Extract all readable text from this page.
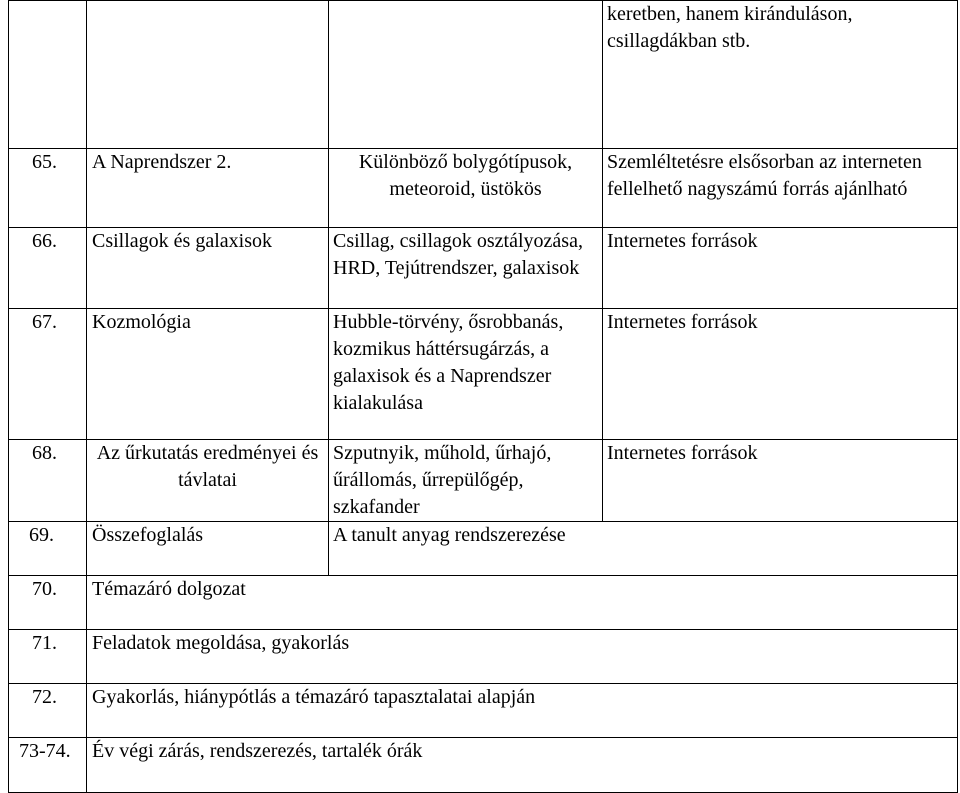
			keretben, hanem kiránduláson,
csillagdákban stb.

65.	A Naprendszer 2.	Különböző bolygótípusok, meteoroid, üstökös	Szemléltetésre elsősorban az interneten fellelhető nagyszámú forrás ajánlható
66.	Csillagok és galaxisok	Csillag, csillagok osztályozása, HRD, Tejútrendszer, galaxisok	Internetes források
67.	Kozmológia	Hubble-törvény, ősrobbanás, kozmikus háttérsugárzás, a galaxisok és a Naprendszer kialakulása	Internetes források
68.	Az űrkutatás eredményei és távlatai	Szputnyik, műhold, űrhajó, űrállomás, űrrepülőgép, szkafander	Internetes források
69.	Összefoglalás	A tanult anyag rendszerezése	
70.	Témazáró dolgozat		
71.	Feladatok megoldása, gyakorlás		
72.	Gyakorlás, hiánypótlás a témazáró tapasztalatai alapján		
73-74.	Év végi zárás, rendszerezés, tartalék órák		
